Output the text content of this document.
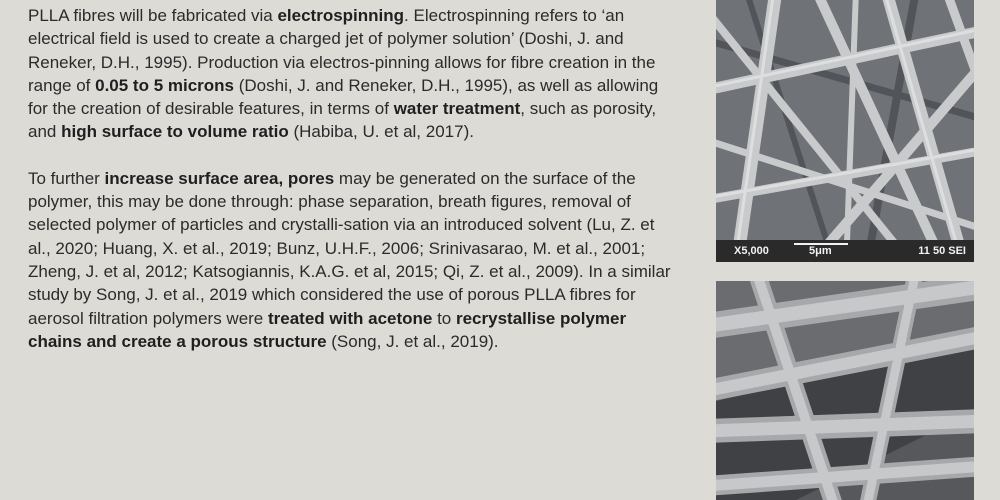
PLLA fibres will be fabricated via electrospinning. Electrospinning refers to ‘an electrical field is used to create a charged jet of polymer solution’ (Doshi, J. and Reneker, D.H., 1995). Production via electros-pinning allows for fibre creation in the range of 0.05 to 5 microns (Doshi, J. and Reneker, D.H., 1995), as well as allowing for the creation of desirable features, in terms of water treatment, such as porosity, and high surface to volume ratio (Habiba, U. et al, 2017).

To further increase surface area, pores may be generated on the surface of the polymer, this may be done through: phase separation, breath figures, removal of selected polymer of particles and crystalli-sation via an introduced solvent (Lu, Z. et al., 2020; Huang, X. et al., 2019; Bunz, U.H.F., 2006; Srinivasarao, M. et al., 2001; Zheng, J. et al, 2012; Katsogiannis, K.A.G. et al, 2015; Qi, Z. et al., 2009). In a similar study by Song, J. et al., 2019 which considered the use of porous PLLA fibres for aerosol filtration polymers were treated with acetone to recrystallise polymer chains and create a porous structure (Song, J. et al., 2019).

X5,000	5μm	11 50 SEI
